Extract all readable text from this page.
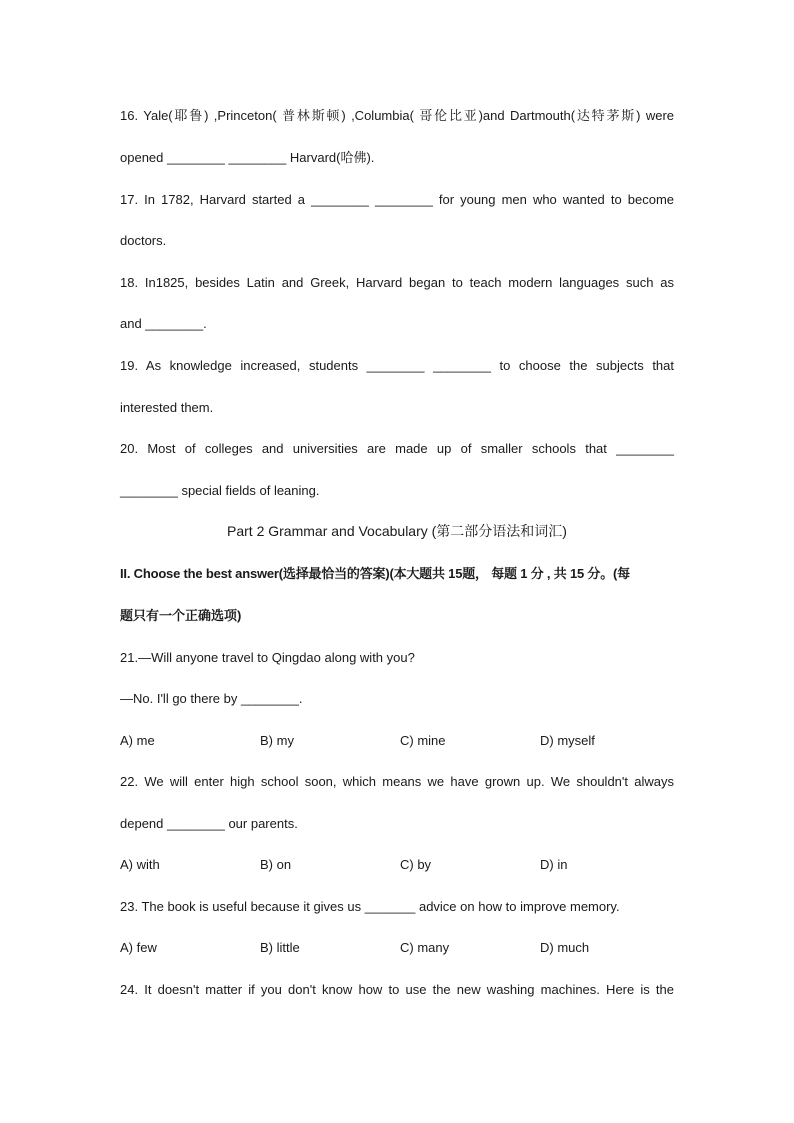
16. Yale(耶鲁) ,Princeton( 普林斯顿) ,Columbia( 哥伦比亚)and Dartmouth(达特茅斯) were
opened ________ ________ Harvard(哈佛).
17. In 1782, Harvard started a ________ ________ for young men who wanted to become
doctors.
18. In1825, besides Latin and Greek, Harvard began to teach modern languages such as
and ________.
19. As knowledge increased, students ________ ________ to choose the subjects that
interested them.
20. Most of colleges and universities are made up of smaller schools that ________
________ special fields of leaning.
Part 2 Grammar and Vocabulary (第二部分语法和词汇)
II. Choose the best answer(选择最恰当的答案)(本大题共 15题， 每题 1 分 , 共 15 分。(每
题只有一个正确选项)
21.—Will anyone travel to Qingdao along with you?
—No. I'll go there by ________.
A) me	B) my	C) mine	D) myself
22. We will enter high school soon, which means we have grown up. We shouldn't always
depend ________ our parents.
A) with	B) on	C) by	D) in
23. The book is useful because it gives us _______ advice on how to improve memory.
A) few	B) little	C) many	D) much
24. It doesn't matter if you don't know how to use the new washing machines. Here is the
